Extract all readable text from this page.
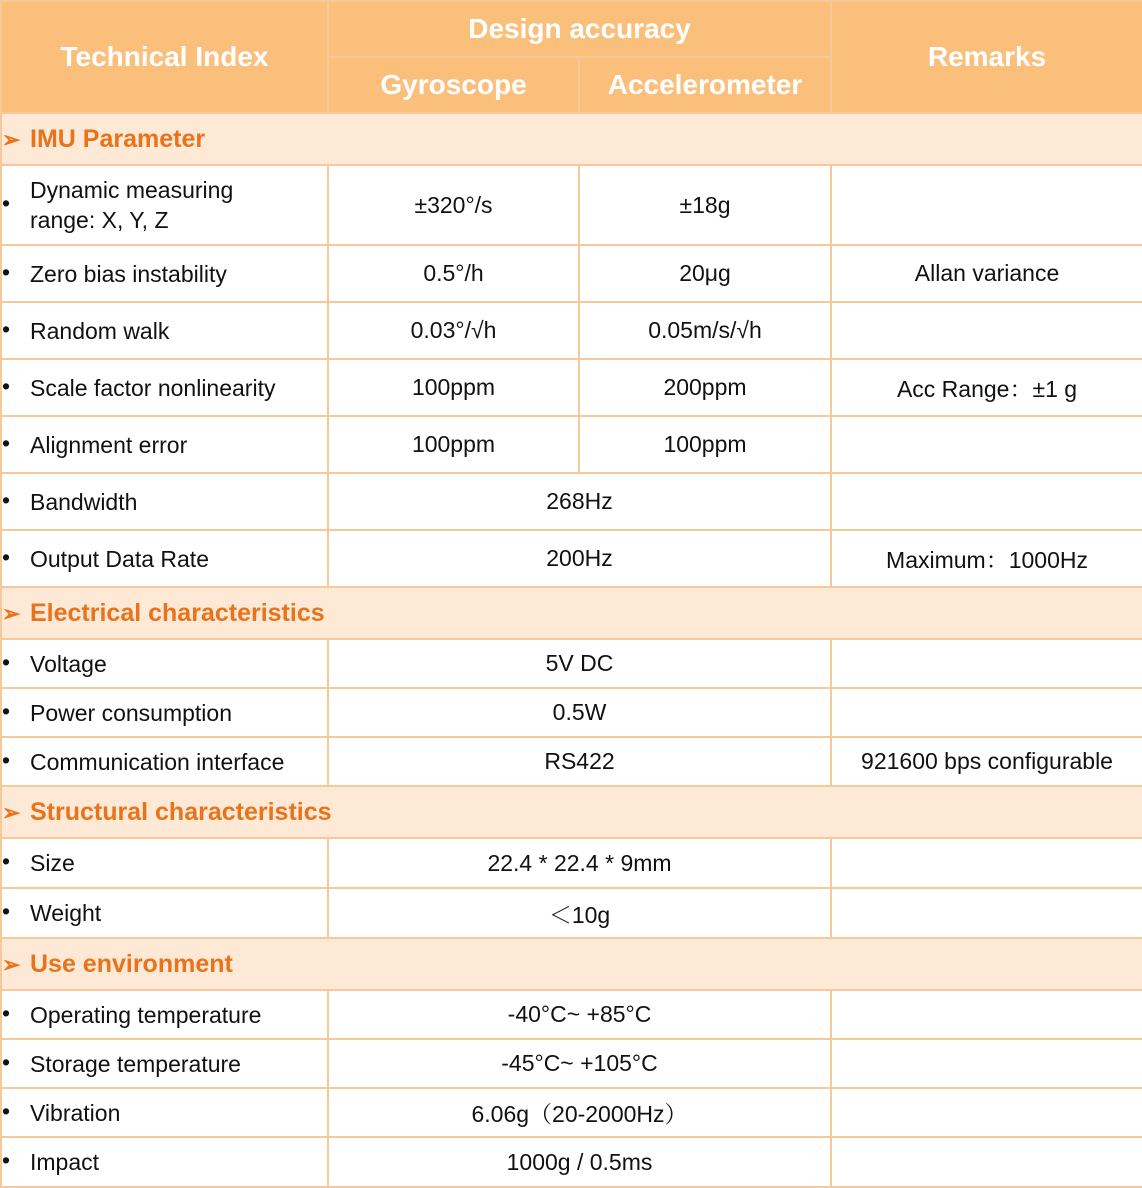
Technical Index	Design accuracy		Remarks
	Gyroscope	Accelerometer	
➢ IMU Parameter			
•Dynamic measuring
range: X, Y, Z	±320°/s	±18g	
• Zero bias instability	0.5°/h	20μg	Allan variance
• Random walk	0.03°/√h	0.05m/s/√h	
• Scale factor nonlinearity	100ppm	200ppm	Acc Range：±1 g
• Alignment error	100ppm	100ppm	
• Bandwidth	268Hz		
• Output Data Rate	200Hz		Maximum：1000Hz
➢ Electrical characteristics			
• Voltage	5V DC		
• Power consumption	0.5W		
• Communication interface	RS422		921600 bps configurable
➢ Structural characteristics			
• Size	22.4 * 22.4 * 9mm		
• Weight	＜10g		
➢ Use environment			
• Operating temperature	-40°C~ +85°C		
• Storage temperature	-45°C~ +105°C		
• Vibration	6.06g（20-2000Hz）		
• Impact	1000g / 0.5ms		
